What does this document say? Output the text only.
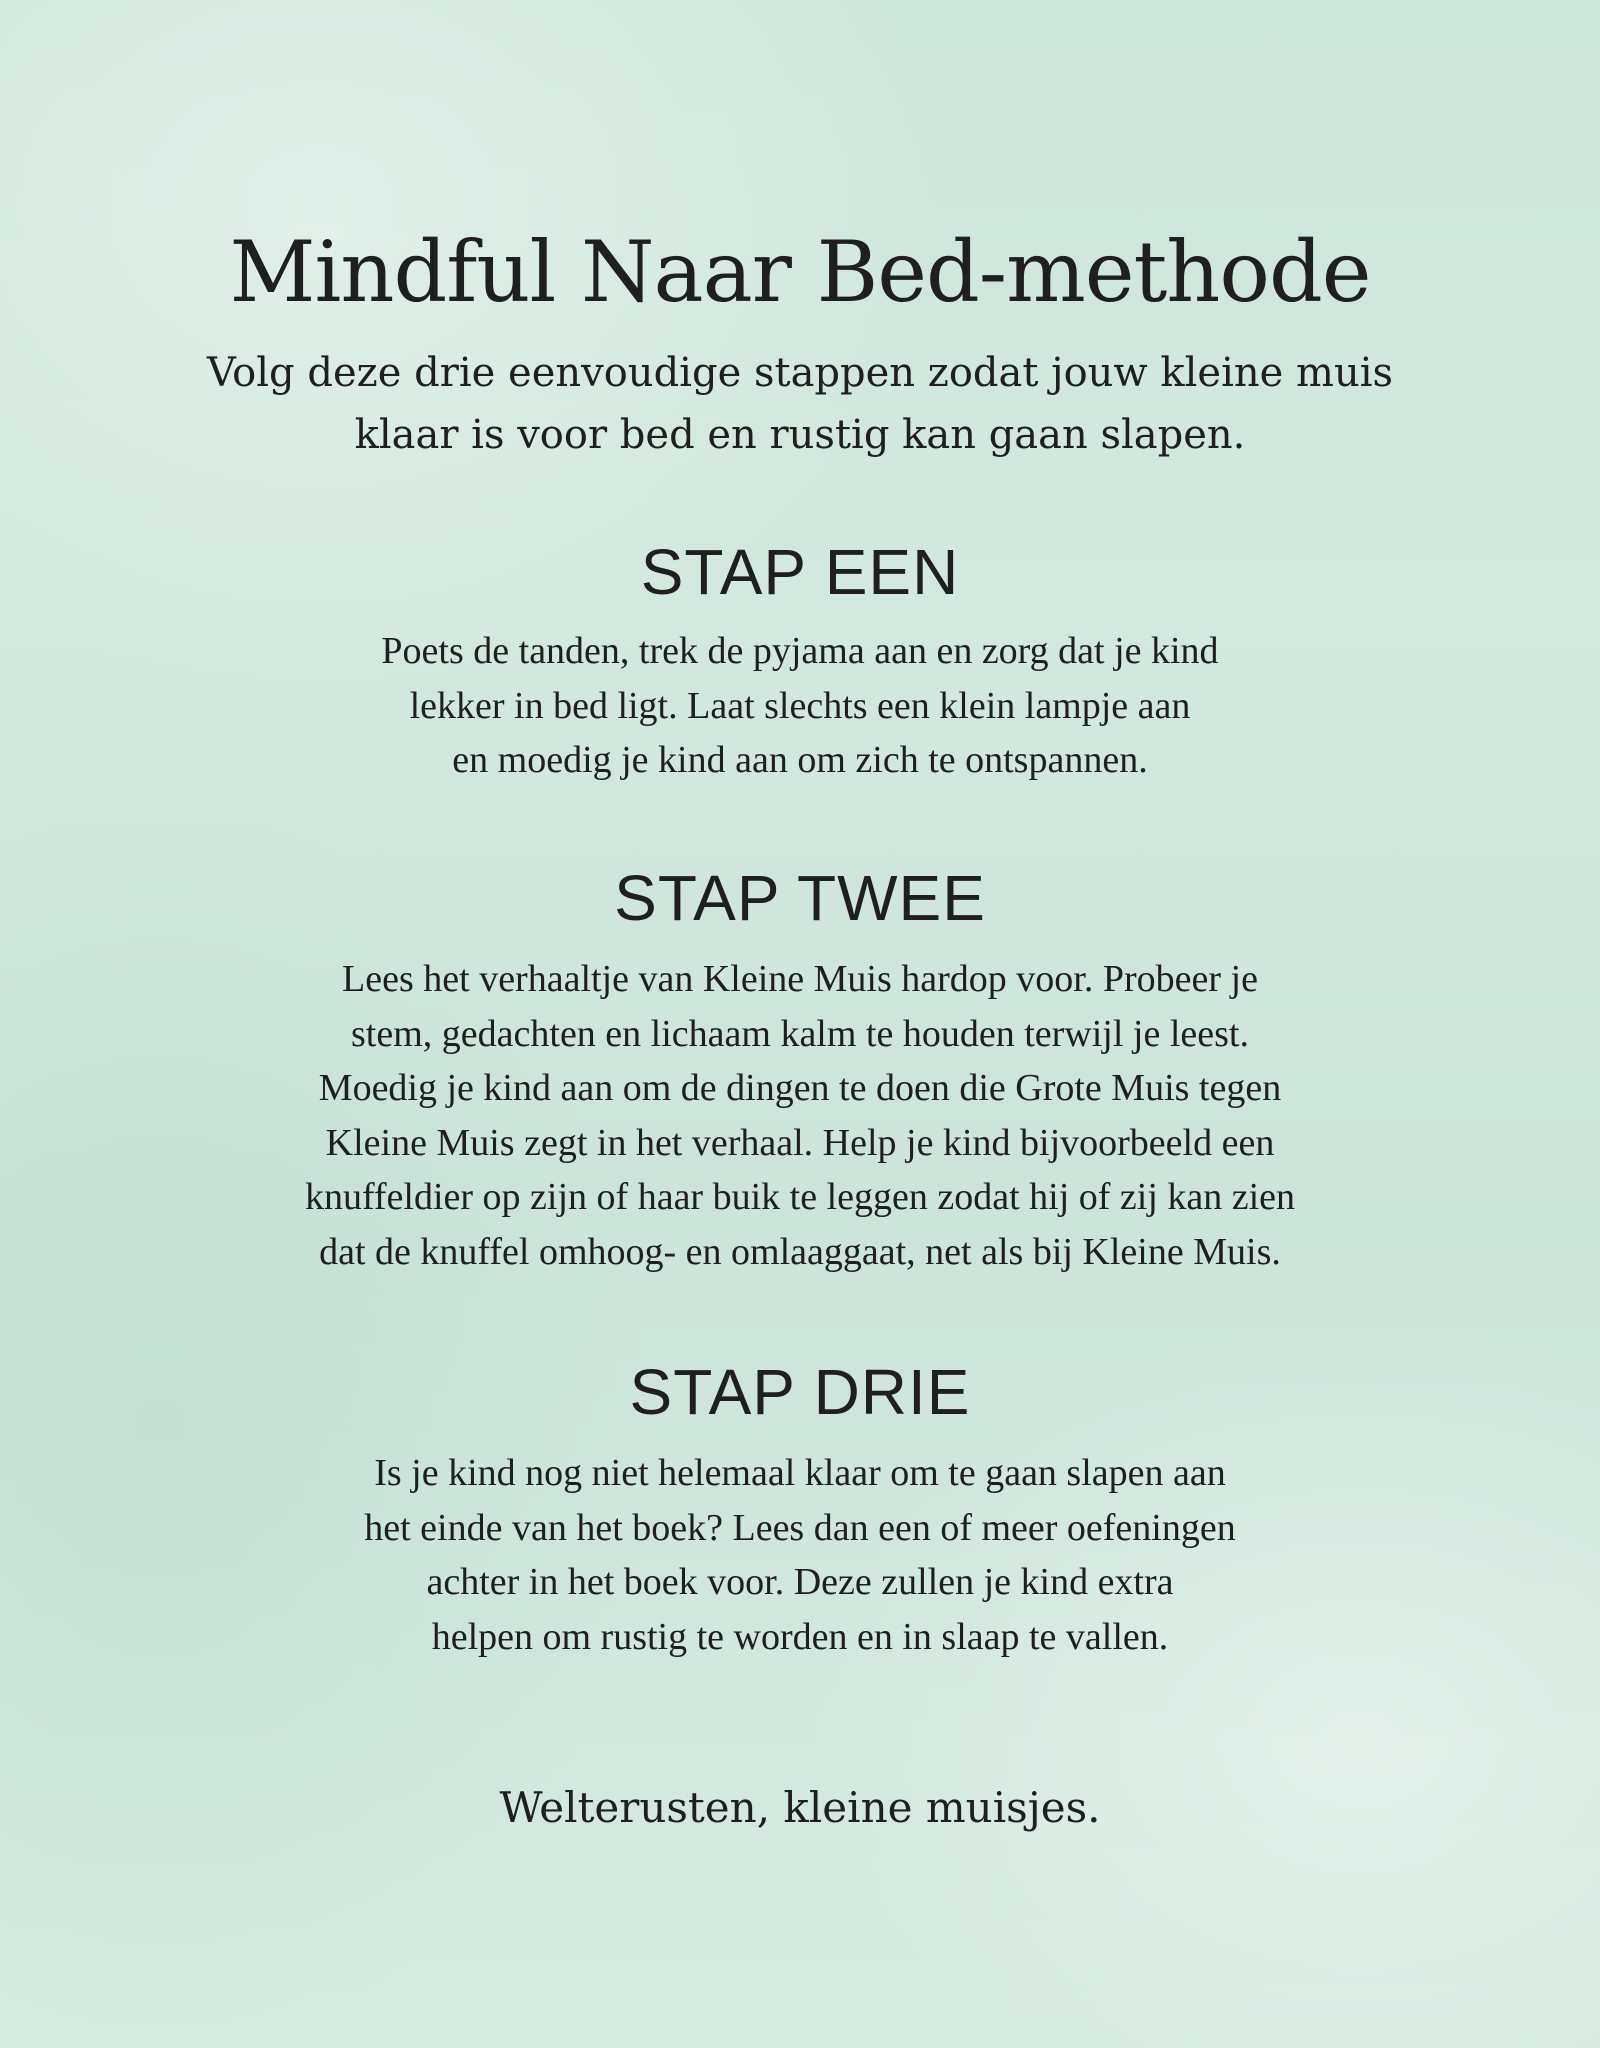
Mindful Naar Bed-methode

Volg deze drie eenvoudige stappen zodat jouw kleine muis
klaar is voor bed en rustig kan gaan slapen.

STAP EEN

Poets de tanden, trek de pyjama aan en zorg dat je kind
lekker in bed ligt. Laat slechts een klein lampje aan
en moedig je kind aan om zich te ontspannen.

STAP TWEE

Lees het verhaaltje van Kleine Muis hardop voor. Probeer je
stem, gedachten en lichaam kalm te houden terwijl je leest.
Moedig je kind aan om de dingen te doen die Grote Muis tegen
Kleine Muis zegt in het verhaal. Help je kind bijvoorbeeld een
knuffeldier op zijn of haar buik te leggen zodat hij of zij kan zien
dat de knuffel omhoog- en omlaaggaat, net als bij Kleine Muis.

STAP DRIE

Is je kind nog niet helemaal klaar om te gaan slapen aan
het einde van het boek? Lees dan een of meer oefeningen
achter in het boek voor. Deze zullen je kind extra
helpen om rustig te worden en in slaap te vallen.

Welterusten, kleine muisjes.
